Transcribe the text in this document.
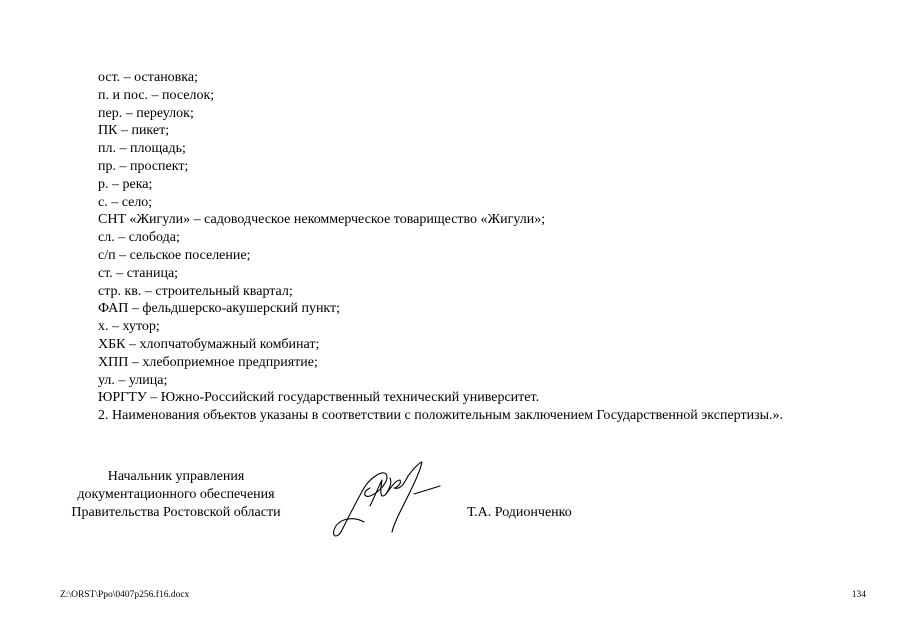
ост. – остановка;
п. и пос. – поселок;
пер. – переулок;
ПК – пикет;
пл. – площадь;
пр. – проспект;
р. – река;
с. – село;
СНТ «Жигули» – садоводческое некоммерческое товарищество «Жигули»;
сл. – слобода;
с/п – сельское поселение;
ст. – станица;
стр. кв. – строительный квартал;
ФАП – фельдшерско-акушерский пункт;
х. – хутор;
ХБК – хлопчатобумажный комбинат;
ХПП – хлебоприемное предприятие;
ул. – улица;
ЮРГТУ – Южно-Российский государственный технический университет.
2. Наименования объектов указаны в соответствии с положительным заключением Государственной экспертизы.».
Начальник управления
документационного обеспечения
Правительства Ростовской области	Т.А. Родионченко
Z:\ORST\Ppo\0407p256.f16.docx	134
